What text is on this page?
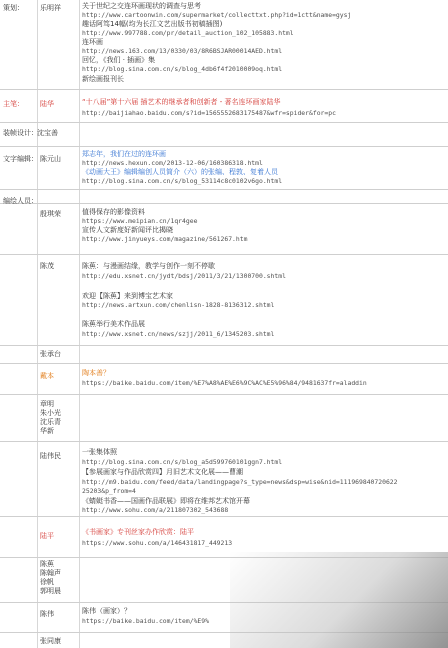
策划：
主笔：
装帧设计：
文字编辑：
编绘人员：
乐明祥
陆华
沈宝善
陈元山
殷琪荣
陈茂
张承台
戴本
章明
朱小光
沈乐青
华新
陆伟民
陆平
陈蕉
陈翰声
徐帆
郭明晨
陈伟
张同康
关于世纪之交连环画现状的调查与思考
http://www.cartoonwin.com/supermarket/collecttxt.php?id=1ctt&name=gysj
趣话阿笃14幅(均为长江文艺出版书初稿插图)
http://www.997788.com/pr/detail_auction_102_105883.html
连环画
http://news.163.com/13/0330/03/8R6BSJAR00014AED.html
回忆，《我们 · 插画》集
http://blog.sina.com.cn/s/blog_4db6f4f2010009oq.html
新绘画报刊长
“十八届”第十六届 插艺术的继承者和创新者 - 著名连环画家陆华
http://baijiahao.baidu.com/s?id=1565552683175487&wfr=spider&for=pc
郑志年，我们在过的连环画
http://news.hexun.com/2013-12-06/160386318.html
《动画大王》编辑编创人员简介（六）的张编、程敦、复着人员
http://blog.sina.com.cn/s/blog_53114c8c0102v6go.html
值得保存的影像资料
https://www.meipian.cn/1qr4gee
宣传人文新度好新闻评比揭晓
http://www.jinyueys.com/magazine/561267.htm
陈蕉：与漫画结缘，教学与创作一刻不停歇
http://edu.xsnet.cn/jydt/bdsj/2011/3/21/1300700.shtml
欢迎【陈蕉】来到博宝艺术家
http://news.artxun.com/chenlisn-1828-8136312.shtml
陈蕉举行美术作品展
http://www.xsnet.cn/news/szjj/2011_6/1345203.shtml
陶本善？
https://baike.baidu.com/item/%E7%A8%AE%E6%9C%AC%E5%96%84/9481637fr=aladdin
一张集体照
http://blog.sina.com.cn/s/blog_a5d599760101ggn7.html
【参展画家与作品欣赏四】月旧艺术文化展——曹潮
http://m9.baidu.com/feed/data/landingpage?s_type=news&dsp=wise&nid=111969840720622
25203&p_from=4
《蜻蜓书香——国画作品联展》即将在维邦艺术馆开幕
http://www.sohu.com/a/211807302_543688
《书画家》专刊丝家办作欣赏：陆平
https://www.sohu.com/a/146431817_449213
陈伟（画家）？
https://baike.baidu.com/item/%E9%
